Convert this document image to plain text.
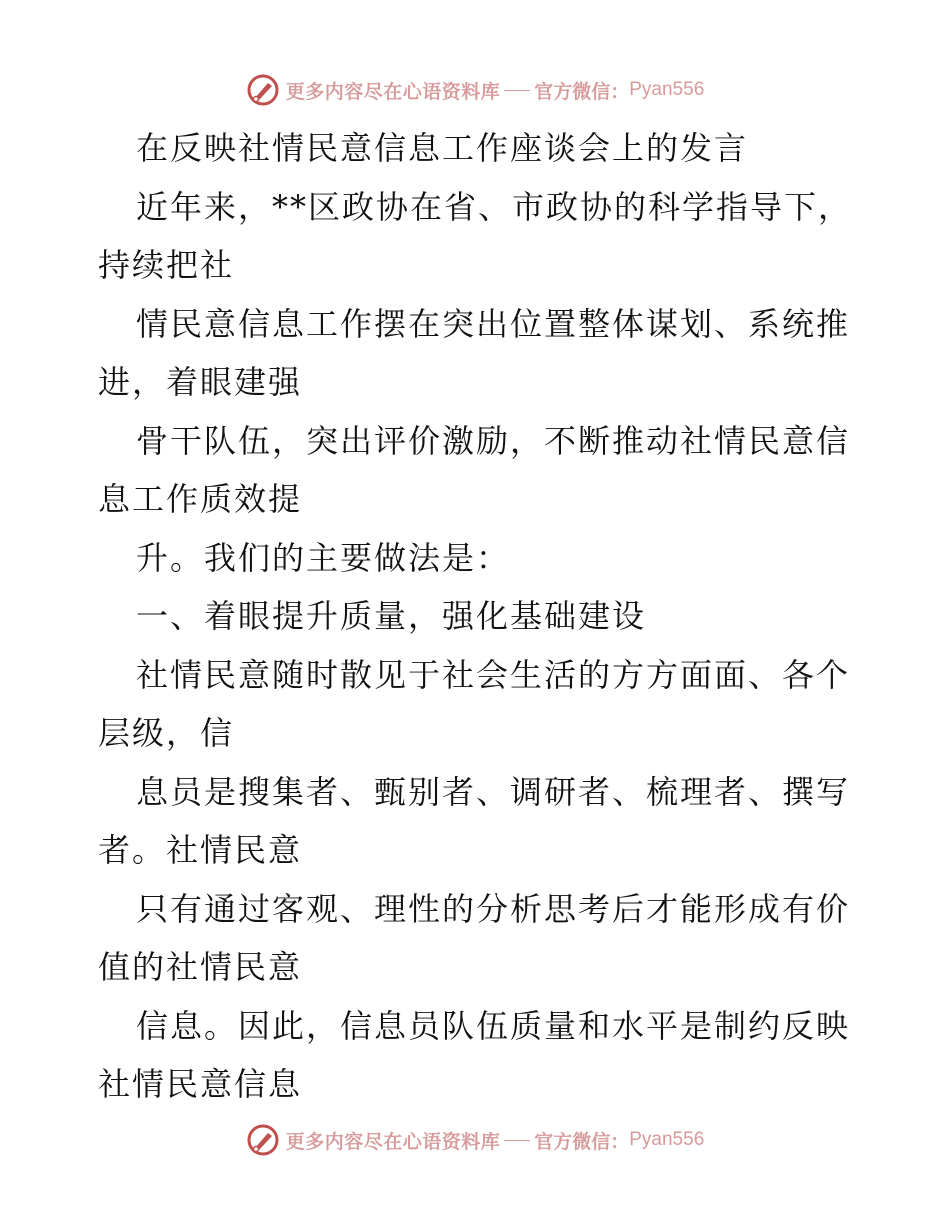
更多内容尽在心语资料库 官方微信： Pyan556
在反映社情民意信息工作座谈会上的发言
近年来，**区政协在省、市政协的科学指导下，
持续把社
情民意信息工作摆在突出位置整体谋划、系统推
进，着眼建强
骨干队伍，突出评价激励，不断推动社情民意信
息工作质效提
升。我们的主要做法是：
一、着眼提升质量，强化基础建设
社情民意随时散见于社会生活的方方面面、各个
层级，信
息员是搜集者、甄别者、调研者、梳理者、撰写
者。社情民意
只有通过客观、理性的分析思考后才能形成有价
值的社情民意
信息。因此，信息员队伍质量和水平是制约反映
社情民意信息
更多内容尽在心语资料库 官方微信： Pyan556
